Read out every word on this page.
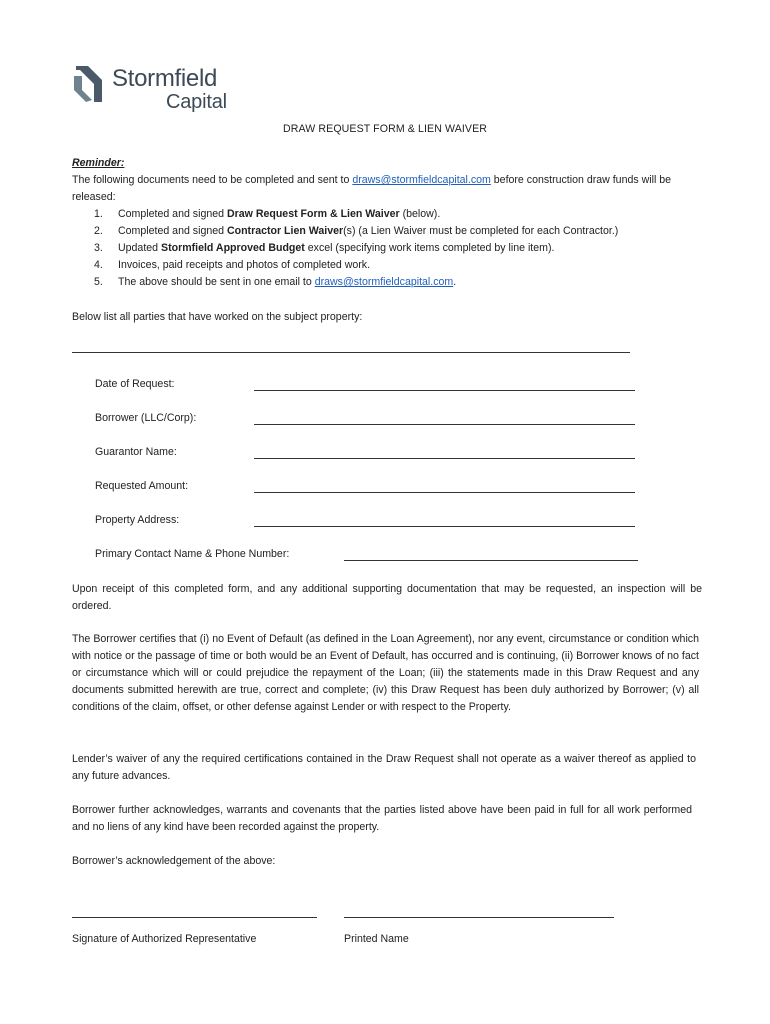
Stormfield
Capital
DRAW REQUEST FORM & LIEN WAIVER
Reminder:
The following documents need to be completed and sent to draws@stormfieldcapital.com before construction draw funds will be released:
1. Completed and signed Draw Request Form & Lien Waiver (below).
2. Completed and signed Contractor Lien Waiver(s) (a Lien Waiver must be completed for each Contractor.)
3. Updated Stormfield Approved Budget excel (specifying work items completed by line item).
4. Invoices, paid receipts and photos of completed work.
5. The above should be sent in one email to draws@stormfieldcapital.com.
Below list all parties that have worked on the subject property:
Date of Request:
Borrower (LLC/Corp):
Guarantor Name:
Requested Amount:
Property Address:
Primary Contact Name & Phone Number:
Upon receipt of this completed form, and any additional supporting documentation that may be requested, an inspection will be ordered.
The Borrower certifies that (i) no Event of Default (as defined in the Loan Agreement), nor any event, circumstance or condition which with notice or the passage of time or both would be an Event of Default, has occurred and is continuing, (ii) Borrower knows of no fact or circumstance which will or could prejudice the repayment of the Loan; (iii) the statements made in this Draw Request and any documents submitted herewith are true, correct and complete; (iv) this Draw Request has been duly authorized by Borrower; (v) all conditions of the claim, offset, or other defense against Lender or with respect to the Property.
Lender’s waiver of any the required certifications contained in the Draw Request shall not operate as a waiver thereof as applied to any future advances.
Borrower further acknowledges, warrants and covenants that the parties listed above have been paid in full for all work performed and no liens of any kind have been recorded against the property.
Borrower’s acknowledgement of the above:
Signature of Authorized Representative	Printed Name
